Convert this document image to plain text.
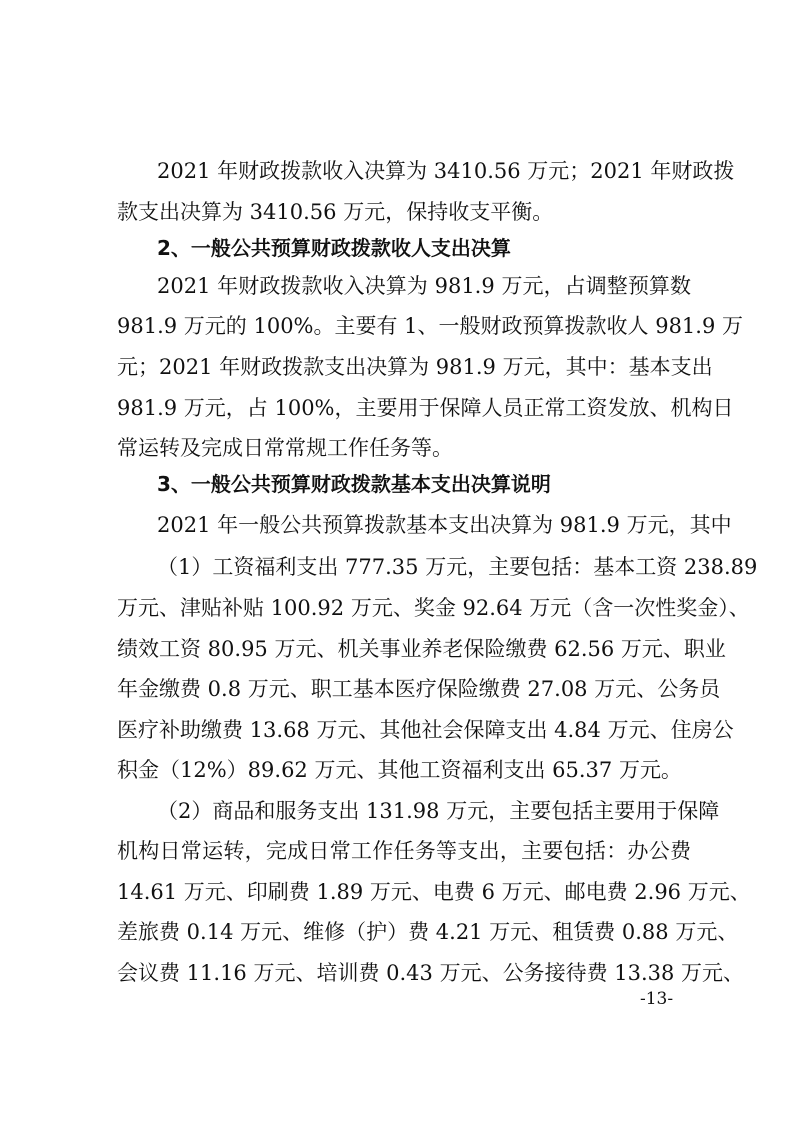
2021 年财政拨款收入决算为 3410.56 万元；2021 年财政拨
款支出决算为 3410.56 万元，保持收支平衡。
2、一般公共预算财政拨款收人支出决算
2021 年财政拨款收入决算为 981.9 万元，占调整预算数
981.9 万元的 100%。主要有 1、一般财政预算拨款收人 981.9 万
元；2021 年财政拨款支出决算为 981.9 万元，其中：基本支出
981.9 万元，占 100%，主要用于保障人员正常工资发放、机构日
常运转及完成日常常规工作任务等。
3、一般公共预算财政拨款基本支出决算说明
2021 年一般公共预算拨款基本支出决算为 981.9 万元，其中
（1）工资福利支出 777.35 万元，主要包括：基本工资 238.89
万元、津贴补贴 100.92 万元、奖金 92.64 万元（含一次性奖金）、
绩效工资 80.95 万元、机关事业养老保险缴费 62.56 万元、职业
年金缴费 0.8 万元、职工基本医疗保险缴费 27.08 万元、公务员
医疗补助缴费 13.68 万元、其他社会保障支出 4.84 万元、住房公
积金（12%）89.62 万元、其他工资福利支出 65.37 万元。
（2）商品和服务支出 131.98 万元，主要包括主要用于保障
机构日常运转，完成日常工作任务等支出，主要包括：办公费
14.61 万元、印刷费 1.89 万元、电费 6 万元、邮电费 2.96 万元、
差旅费 0.14 万元、维修（护）费 4.21 万元、租赁费 0.88 万元、
会议费 11.16 万元、培训费 0.43 万元、公务接待费 13.38 万元、
-13-
